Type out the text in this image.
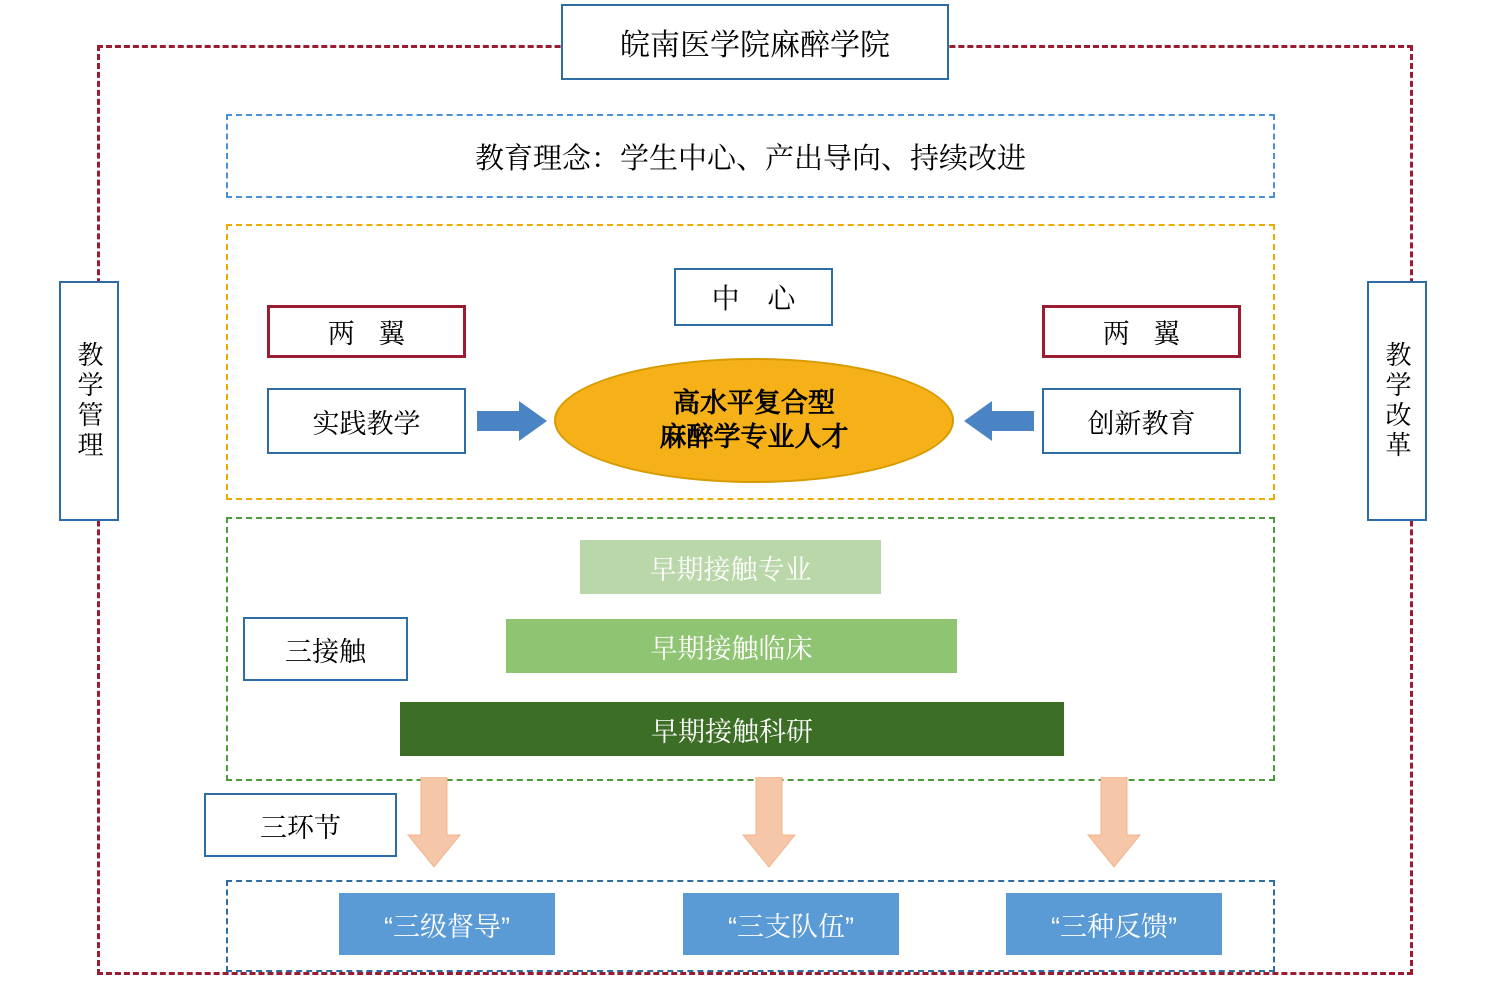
皖南医学院麻醉学院
教育理念：学生中心、产出导向、持续改进
教学管理	教学改革
中 心
两 翼	两 翼
实践教学	创新教育
高水平复合型
麻醉学专业人才
三接触
早期接触专业
早期接触临床
早期接触科研
三环节
“三级督导”	“三支队伍”	“三种反馈”
